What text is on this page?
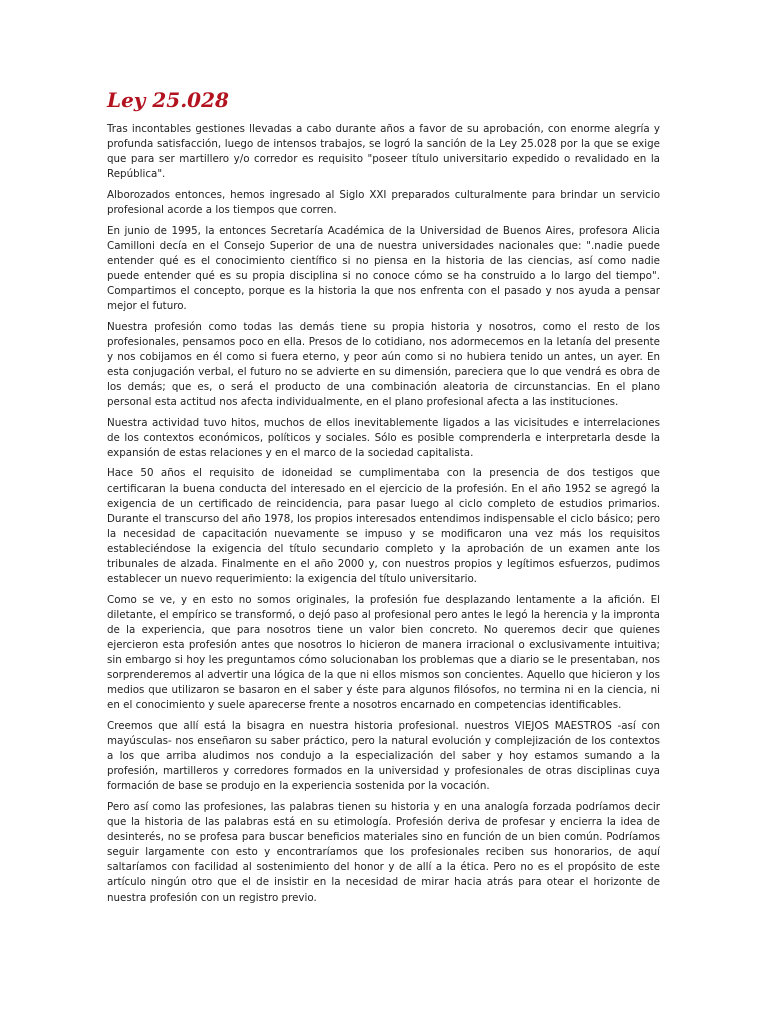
Ley 25.028

Tras incontables gestiones llevadas a cabo durante años a favor de su aprobación, con enorme alegría y profunda satisfacción, luego de intensos trabajos, se logró la sanción de la Ley 25.028 por la que se exige que para ser martillero y/o corredor es requisito "poseer título universitario expedido o revalidado en la República".

Alborozados entonces, hemos ingresado al Siglo XXI preparados culturalmente para brindar un servicio profesional acorde a los tiempos que corren.

En junio de 1995, la entonces Secretaría Académica de la Universidad de Buenos Aires, profesora Alicia Camilloni decía en el Consejo Superior de una de nuestra universidades nacionales que: ".nadie puede entender qué es el conocimiento científico si no piensa en la historia de las ciencias, así como nadie puede entender qué es su propia disciplina si no conoce cómo se ha construido a lo largo del tiempo". Compartimos el concepto, porque es la historia la que nos enfrenta con el pasado y nos ayuda a pensar mejor el futuro.

Nuestra profesión como todas las demás tiene su propia historia y nosotros, como el resto de los profesionales, pensamos poco en ella. Presos de lo cotidiano, nos adormecemos en la letanía del presente y nos cobijamos en él como si fuera eterno, y peor aún como si no hubiera tenido un antes, un ayer. En esta conjugación verbal, el futuro no se advierte en su dimensión, pareciera que lo que vendrá es obra de los demás; que es, o será el producto de una combinación aleatoria de circunstancias. En el plano personal esta actitud nos afecta individualmente, en el plano profesional afecta a las instituciones.

Nuestra actividad tuvo hitos, muchos de ellos inevitablemente ligados a las vicisitudes e interrelaciones de los contextos económicos, políticos y sociales. Sólo es posible comprenderla e interpretarla desde la expansión de estas relaciones y en el marco de la sociedad capitalista.

Hace 50 años el requisito de idoneidad se cumplimentaba con la presencia de dos testigos que certificaran la buena conducta del interesado en el ejercicio de la profesión. En el año 1952 se agregó la exigencia de un certificado de reincidencia, para pasar luego al ciclo completo de estudios primarios. Durante el transcurso del año 1978, los propios interesados entendimos indispensable el ciclo básico; pero la necesidad de capacitación nuevamente se impuso y se modificaron una vez más los requisitos estableciéndose la exigencia del título secundario completo y la aprobación de un examen ante los tribunales de alzada. Finalmente en el año 2000 y, con nuestros propios y legítimos esfuerzos, pudimos establecer un nuevo requerimiento: la exigencia del título universitario.

Como se ve, y en esto no somos originales, la profesión fue desplazando lentamente a la afición. El diletante, el empírico se transformó, o dejó paso al profesional pero antes le legó la herencia y la impronta de la experiencia, que para nosotros tiene un valor bien concreto. No queremos decir que quienes ejercieron esta profesión antes que nosotros lo hicieron de manera irracional o exclusivamente intuitiva; sin embargo si hoy les preguntamos cómo solucionaban los problemas que a diario se le presentaban, nos sorprenderemos al advertir una lógica de la que ni ellos mismos son concientes. Aquello que hicieron y los medios que utilizaron se basaron en el saber y éste para algunos filósofos, no termina ni en la ciencia, ni en el conocimiento y suele aparecerse frente a nosotros encarnado en competencias identificables.

Creemos que allí está la bisagra en nuestra historia profesional. nuestros VIEJOS MAESTROS -así con mayúsculas- nos enseñaron su saber práctico, pero la natural evolución y complejización de los contextos a los que arriba aludimos nos condujo a la especialización del saber y hoy estamos sumando a la profesión, martilleros y corredores formados en la universidad y profesionales de otras disciplinas cuya formación de base se produjo en la experiencia sostenida por la vocación.

Pero así como las profesiones, las palabras tienen su historia y en una analogía forzada podríamos decir que la historia de las palabras está en su etimología. Profesión deriva de profesar y encierra la idea de desinterés, no se profesa para buscar beneficios materiales sino en función de un bien común. Podríamos seguir largamente con esto y encontraríamos que los profesionales reciben sus honorarios, de aquí saltaríamos con facilidad al sostenimiento del honor y de allí a la ética. Pero no es el propósito de este artículo ningún otro que el de insistir en la necesidad de mirar hacia atrás para otear el horizonte de nuestra profesión con un registro previo.
